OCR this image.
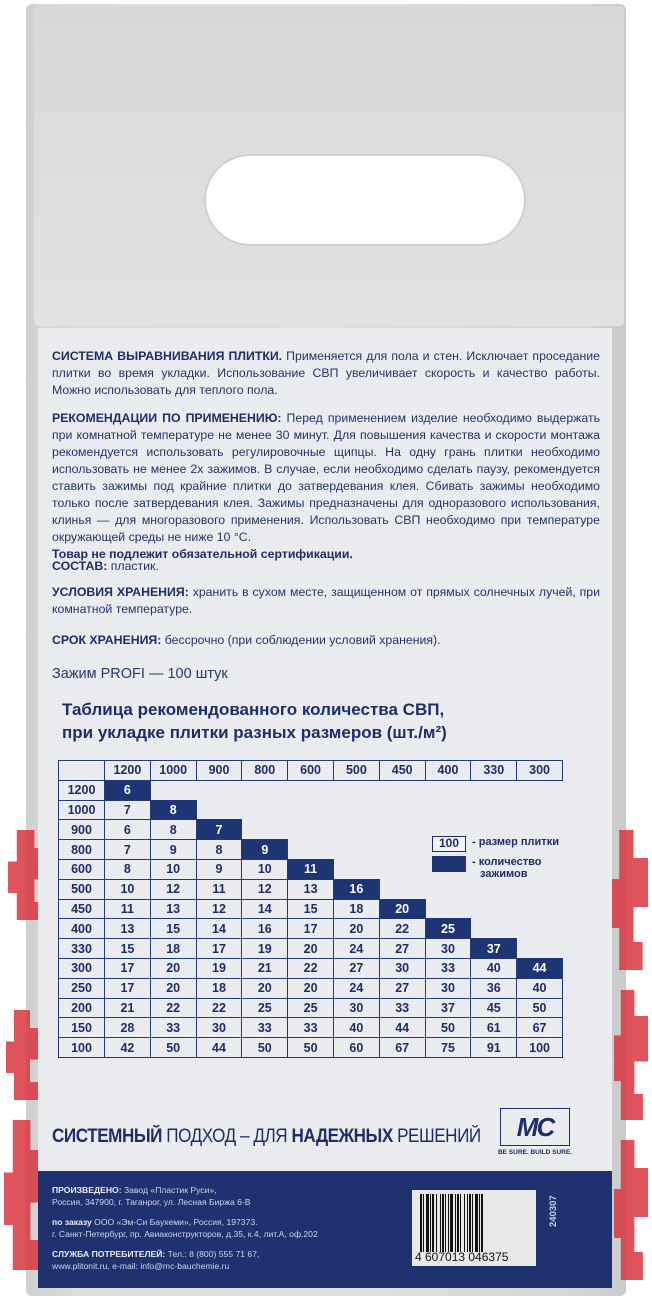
СИСТЕМА ВЫРАВНИВАНИЯ ПЛИТКИ. Применяется для пола и стен. Исключает проседание плитки во время укладки. Использование СВП увеличивает скорость и качество работы. Можно использовать для теплого пола.
РЕКОМЕНДАЦИИ ПО ПРИМЕНЕНИЮ: Перед применением изделие необходимо выдержать при комнатной температуре не менее 30 минут. Для повышения качества и скорости монтажа рекомендуется использовать регулировочные щипцы. На одну грань плитки необходимо использовать не менее 2х зажимов. В случае, если необходимо сделать паузу, рекомендуется ставить зажимы под крайние плитки до затвердевания клея. Сбивать зажимы необходимо только после затвердевания клея. Зажимы предназначены для одноразового использования, клинья — для многоразового применения. Использовать СВП необходимо при температуре окружающей среды не ниже 10 °C.
Товар не подлежит обязательной сертификации.
СОСТАВ: пластик.
УСЛОВИЯ ХРАНЕНИЯ: хранить в сухом месте, защищенном от прямых солнечных лучей, при комнатной температуре.
СРОК ХРАНЕНИЯ: бессрочно (при соблюдении условий хранения).
Зажим PROFI — 100 штук
Таблица рекомендованного количества СВП,
при укладке плитки разных размеров (шт./м²)
	1200	1000	900	800	600	500	450	400	330	300
1200	6									
1000	7	8								
900	6	8	7							
800	7	9	8	9						
600	8	10	9	10	11					
500	10	12	11	12	13	16				
450	11	13	12	14	15	18	20			
400	13	15	14	16	17	20	22	25		
330	15	18	17	19	20	24	27	30	37	
300	17	20	19	21	22	27	30	33	40	44
250	17	20	18	20	20	24	27	30	36	40
200	21	22	22	25	25	30	33	37	45	50
150	28	33	30	33	33	40	44	50	61	67
100	42	50	44	50	50	60	67	75	91	100
100	- размер плитки
- количество
зажимов
СИСТЕМНЫЙ ПОДХОД – ДЛЯ НАДЕЖНЫХ РЕШЕНИЙ	MC
BE SURE. BUILD SURE.

ПРОИЗВЕДЕНО: Завод «Пластик Руси»,
Россия, 347900, г. Таганрог, ул. Лесная Биржа 6-В

по заказу ООО «Эм-Си Баухеми», Россия, 197373.
г. Санкт-Петербург, пр. Авиаконструкторов, д.35, к.4, лит.А, оф.202

СЛУЖБА ПОТРЕБИТЕЛЕЙ: Тел.: 8 (800) 555 71 67,
www.plitonit.ru, e-mail: info@mc-bauchemie.ru

4 607013 046375
240307
